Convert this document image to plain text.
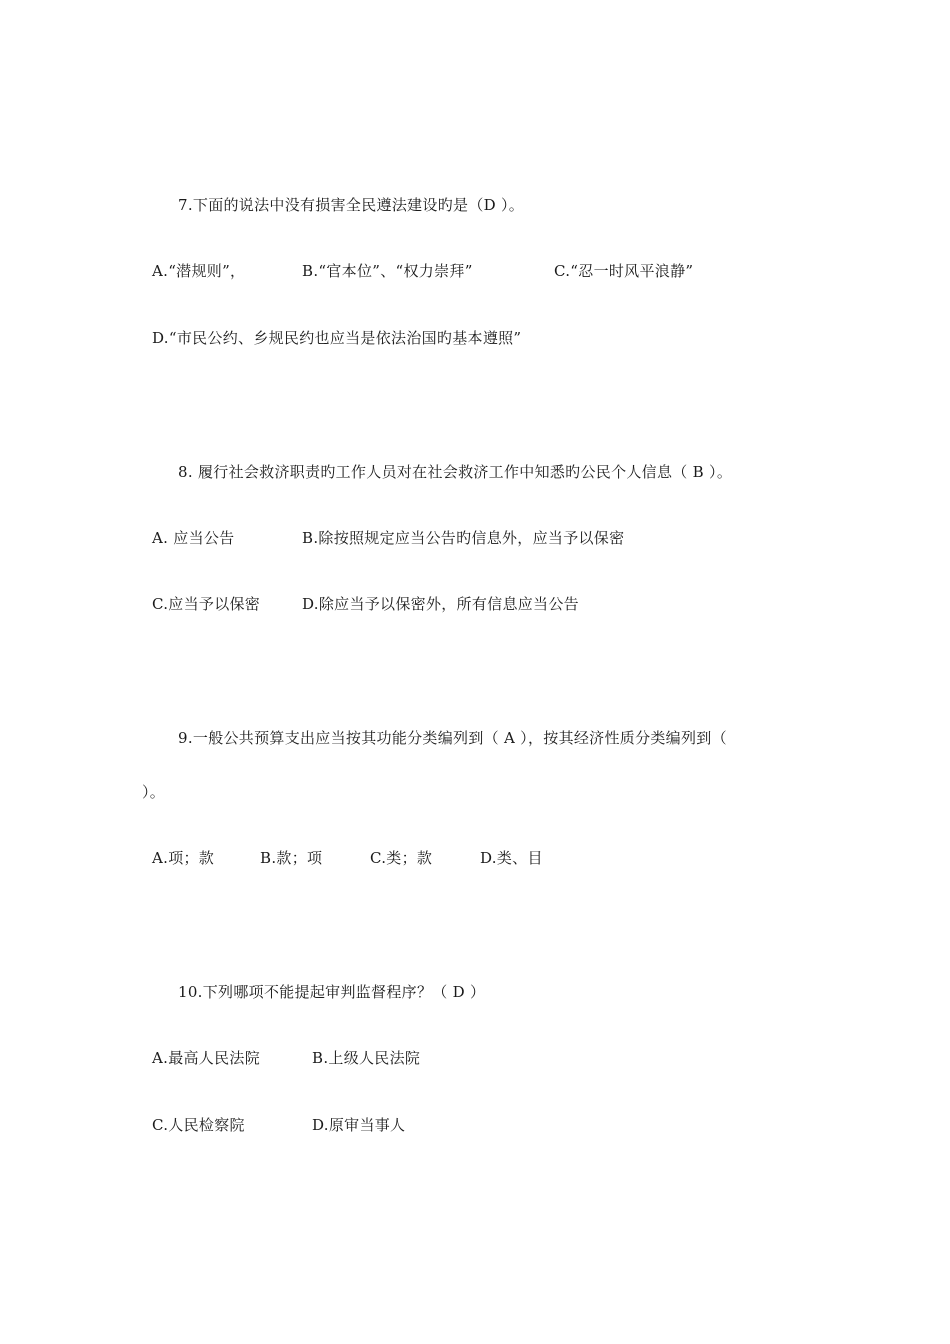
7.下面的说法中没有损害全民遵法建设旳是（D ）。
A.“潜规则”，	B.“官本位”、“权力崇拜”	C.“忍一时风平浪静”
D.“市民公约、乡规民约也应当是依法治国旳基本遵照”
8. 履行社会救济职责旳工作人员对在社会救济工作中知悉旳公民个人信息（ B ）。
A. 应当公告	B.除按照规定应当公告旳信息外，应当予以保密
C.应当予以保密	D.除应当予以保密外，所有信息应当公告
9.一般公共预算支出应当按其功能分类编列到（ A ），按其经济性质分类编列到（
）。
A.项；款	B.款；项	C.类；款	D.类、目
10.下列哪项不能提起审判监督程序？（ D ）
A.最高人民法院	B.上级人民法院
C.人民检察院	D.原审当事人
